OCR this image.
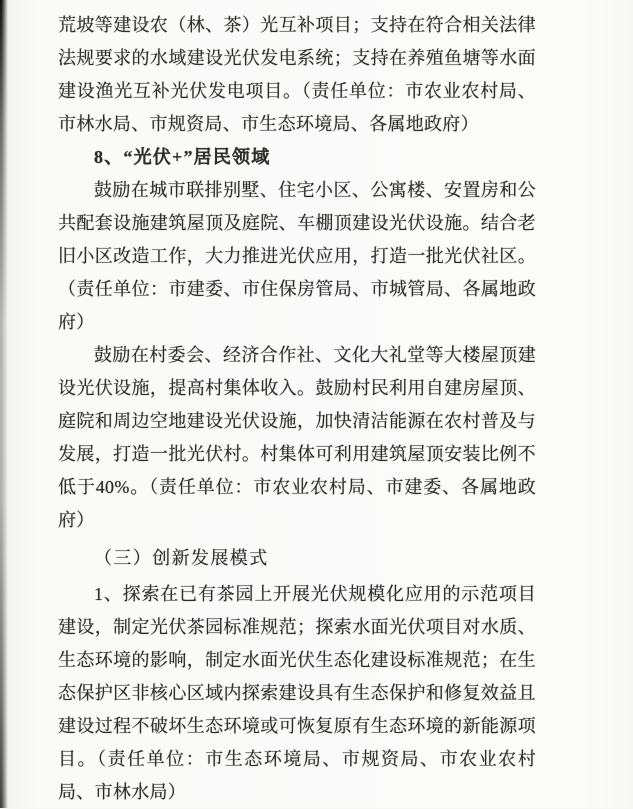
荒坡等建设农（林、茶）光互补项目；支持在符合相关法律法规要求的水域建设光伏发电系统；支持在养殖鱼塘等水面建设渔光互补光伏发电项目。（责任单位：市农业农村局、市林水局、市规资局、市生态环境局、各属地政府）

8、“光伏+”居民领域

鼓励在城市联排别墅、住宅小区、公寓楼、安置房和公共配套设施建筑屋顶及庭院、车棚顶建设光伏设施。结合老旧小区改造工作，大力推进光伏应用，打造一批光伏社区。（责任单位：市建委、市住保房管局、市城管局、各属地政府）

鼓励在村委会、经济合作社、文化大礼堂等大楼屋顶建设光伏设施，提高村集体收入。鼓励村民利用自建房屋顶、庭院和周边空地建设光伏设施，加快清洁能源在农村普及与发展，打造一批光伏村。村集体可利用建筑屋顶安装比例不低于40%。（责任单位：市农业农村局、市建委、各属地政府）

（三）创新发展模式

1、探索在已有茶园上开展光伏规模化应用的示范项目建设，制定光伏茶园标准规范；探索水面光伏项目对水质、生态环境的影响，制定水面光伏生态化建设标准规范；在生态保护区非核心区域内探索建设具有生态保护和修复效益且建设过程不破坏生态环境或可恢复原有生态环境的新能源项目。（责任单位：市生态环境局、市规资局、市农业农村局、市林水局）
